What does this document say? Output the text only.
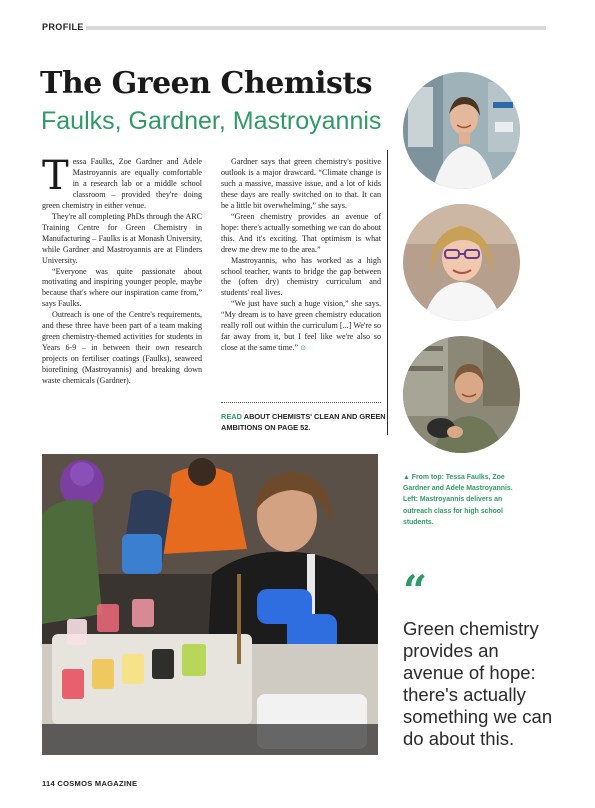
PROFILE
The Green Chemists
Faulks, Gardner, Mastroyannis

Tessa Faulks, Zoe Gardner and Adele Mastroyannis are equally comfortable in a research lab or a middle school classroom – provided they're doing green chemistry in either venue.

They're all completing PhDs through the ARC Training Centre for Green Chemistry in Manufacturing – Faulks is at Monash University, while Gardner and Mastroyannis are at Flinders University.

“Everyone was quite passionate about motivating and inspiring younger people, maybe because that's where our inspiration came from,” says Faulks.

Outreach is one of the Centre's requirements, and these three have been part of a team making green chemistry-themed activities for students in Years 6-9 – in between their own research projects on fertiliser coatings (Faulks), seaweed biorefining (Mastroyannis) and breaking down waste chemicals (Gardner).

Gardner says that green chemistry's positive outlook is a major drawcard. “Climate change is such a massive, massive issue, and a lot of kids these days are really switched on to that. It can be a little bit overwhelming,” she says.

“Green chemistry provides an avenue of hope: there's actually something we can do about this. And it's exciting. That optimism is what drew me drew me to the area.”

Mastroyannis, who has worked as a high school teacher, wants to bridge the gap between the (often dry) chemistry curriculum and students' real lives.

“We just have such a huge vision,” she says. “My dream is to have green chemistry education really roll out within the curriculum [...] We're so far away from it, but I feel like we're also so close at the same time.” ⊙

READ ABOUT CHEMISTS' CLEAN AND GREEN AMBITIONS ON PAGE 52.
▲ From top: Tessa Faulks, Zoe Gardner and Adele Mastroyannis. Left: Mastroyannis delivers an outreach class for high school students.
“
Green chemistry provides an avenue of hope: there's actually something we can do about this.
114 COSMOS MAGAZINE
